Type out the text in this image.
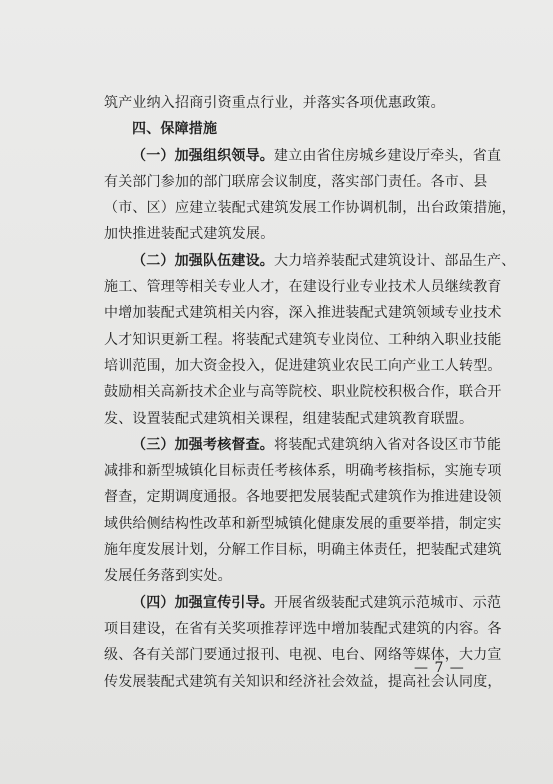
筑产业纳入招商引资重点行业，并落实各项优惠政策。
四、保障措施
（一）加强组织领导。建立由省住房城乡建设厅牵头，省直
有关部门参加的部门联席会议制度，落实部门责任。各市、县
（市、区）应建立装配式建筑发展工作协调机制，出台政策措施，
加快推进装配式建筑发展。
（二）加强队伍建设。大力培养装配式建筑设计、部品生产、
施工、管理等相关专业人才，在建设行业专业技术人员继续教育
中增加装配式建筑相关内容，深入推进装配式建筑领域专业技术
人才知识更新工程。将装配式建筑专业岗位、工种纳入职业技能
培训范围，加大资金投入，促进建筑业农民工向产业工人转型。
鼓励相关高新技术企业与高等院校、职业院校积极合作，联合开
发、设置装配式建筑相关课程，组建装配式建筑教育联盟。
（三）加强考核督查。将装配式建筑纳入省对各设区市节能
减排和新型城镇化目标责任考核体系，明确考核指标，实施专项
督查，定期调度通报。各地要把发展装配式建筑作为推进建设领
域供给侧结构性改革和新型城镇化健康发展的重要举措，制定实
施年度发展计划，分解工作目标，明确主体责任，把装配式建筑
发展任务落到实处。
（四）加强宣传引导。开展省级装配式建筑示范城市、示范
项目建设，在省有关奖项推荐评选中增加装配式建筑的内容。各
级、各有关部门要通过报刊、电视、电台、网络等媒体，大力宣
传发展装配式建筑有关知识和经济社会效益，提高社会认同度，
— 7 —
